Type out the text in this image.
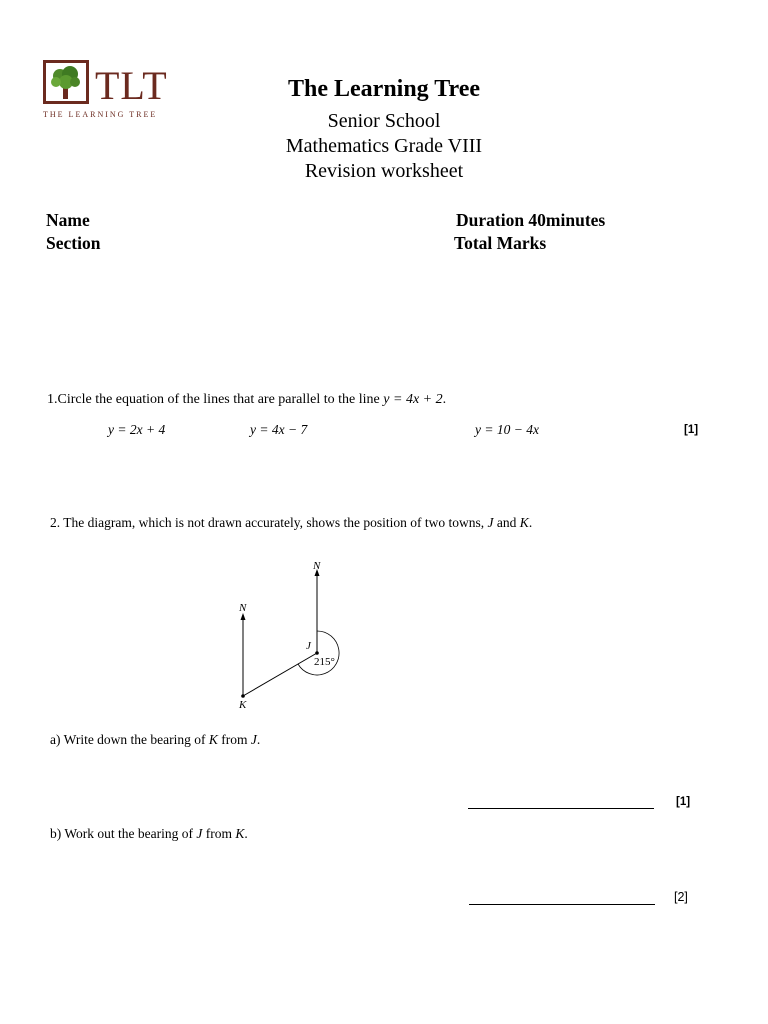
TLT
THE LEARNING TREE
The Learning Tree
Senior School
Mathematics Grade VIII
Revision worksheet
Name
Section
Duration 40minutes
Total Marks
1.Circle the equation of the lines that are parallel to the line y = 4x + 2.
y = 2x + 4	y = 4x − 7	y = 10 − 4x	[1]
2. The diagram, which is not drawn accurately, shows the position of two towns, J and K.
N
N
J
K
215°
a) Write down the bearing of K from J.
[1]
b) Work out the bearing of J from K.
[2]
